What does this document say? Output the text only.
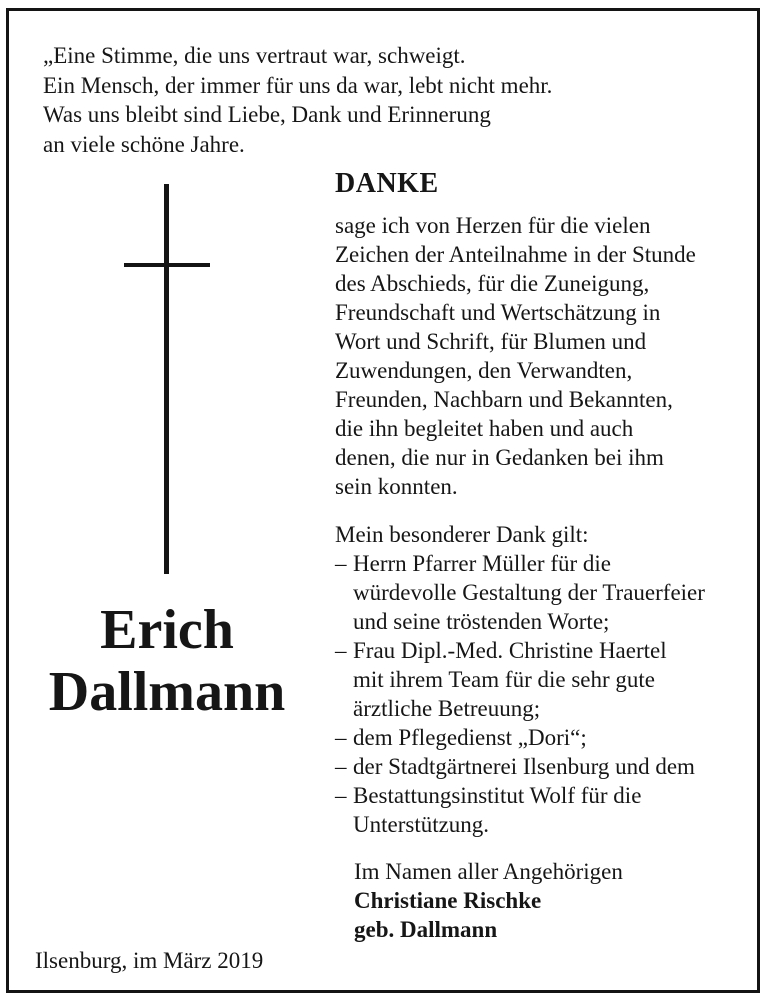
„Eine Stimme, die uns vertraut war, schweigt.
Ein Mensch, der immer für uns da war, lebt nicht mehr.
Was uns bleibt sind Liebe, Dank und Erinnerung
an viele schöne Jahre.
Erich
Dallmann
Ilsenburg, im März 2019
DANKE
sage ich von Herzen für die vielen
Zeichen der Anteilnahme in der Stunde
des Abschieds, für die Zuneigung,
Freundschaft und Wertschätzung in
Wort und Schrift, für Blumen und
Zuwendungen, den Verwandten,
Freunden, Nachbarn und Bekannten,
die ihn begleitet haben und auch
denen, die nur in Gedanken bei ihm
sein konnten.
Mein besonderer Dank gilt:
– Herrn Pfarrer Müller für die
würdevolle Gestaltung der Trauerfeier
und seine tröstenden Worte;
– Frau Dipl.-Med. Christine Haertel
mit ihrem Team für die sehr gute
ärztliche Betreuung;
– dem Pflegedienst „Dori“;
– der Stadtgärtnerei Ilsenburg und dem
– Bestattungsinstitut Wolf für die
Unterstützung.
Im Namen aller Angehörigen
Christiane Rischke
geb. Dallmann
